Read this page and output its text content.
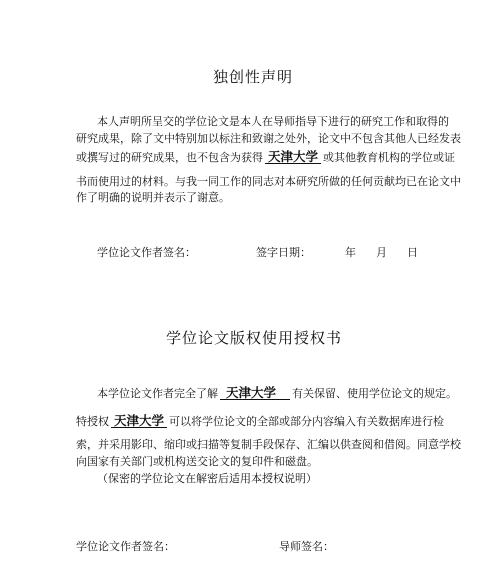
独创性声明
本人声明所呈交的学位论文是本人在导师指导下进行的研究工作和取得的
研究成果，除了文中特别加以标注和致谢之处外，论文中不包含其他人已经发表
或撰写过的研究成果，也不包含为获得 天津大学 或其他教育机构的学位或证
书而使用过的材料。与我一同工作的同志对本研究所做的任何贡献均已在论文中
作了明确的说明并表示了谢意。
学位论文作者签名：	签字日期：	年 月 日
学位论文版权使用授权书
本学位论文作者完全了解 天津大学 有关保留、使用学位论文的规定。
特授权 天津大学 可以将学位论文的全部或部分内容编入有关数据库进行检
索，并采用影印、缩印或扫描等复制手段保存、汇编以供查阅和借阅。同意学校
向国家有关部门或机构送交论文的复印件和磁盘。
（保密的学位论文在解密后适用本授权说明）
学位论文作者签名：	导师签名：
